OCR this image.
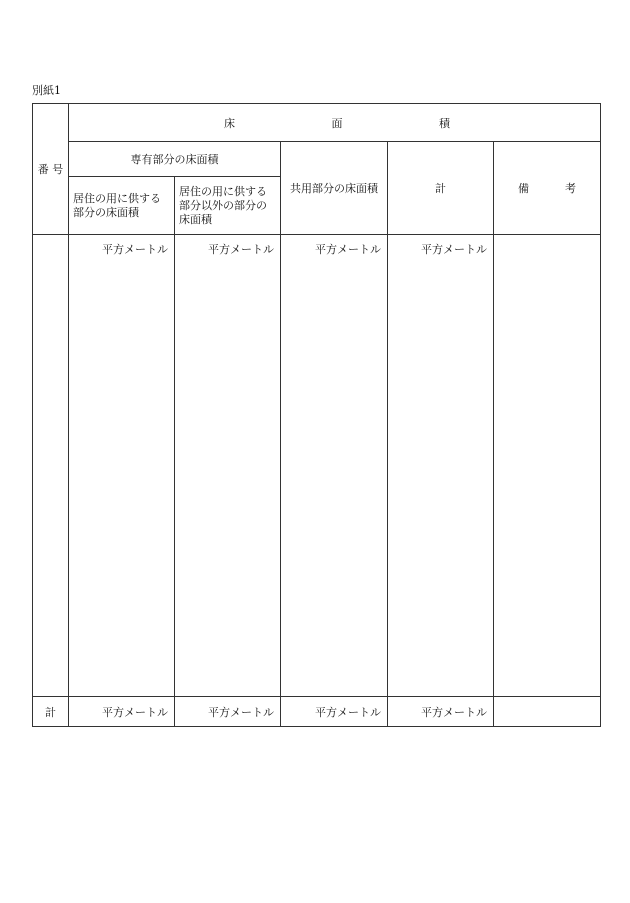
別紙1
番 号	床 面 積				

	専有部分の床面積		共用部分の床面積	計	備 考

	居住の用に供する部分の床面積	居住の用に供する部分以外の部分の床面積			
	平方メートル	平方メートル	平方メートル	平方メートル	
計	平方メートル	平方メートル	平方メートル	平方メートル	
